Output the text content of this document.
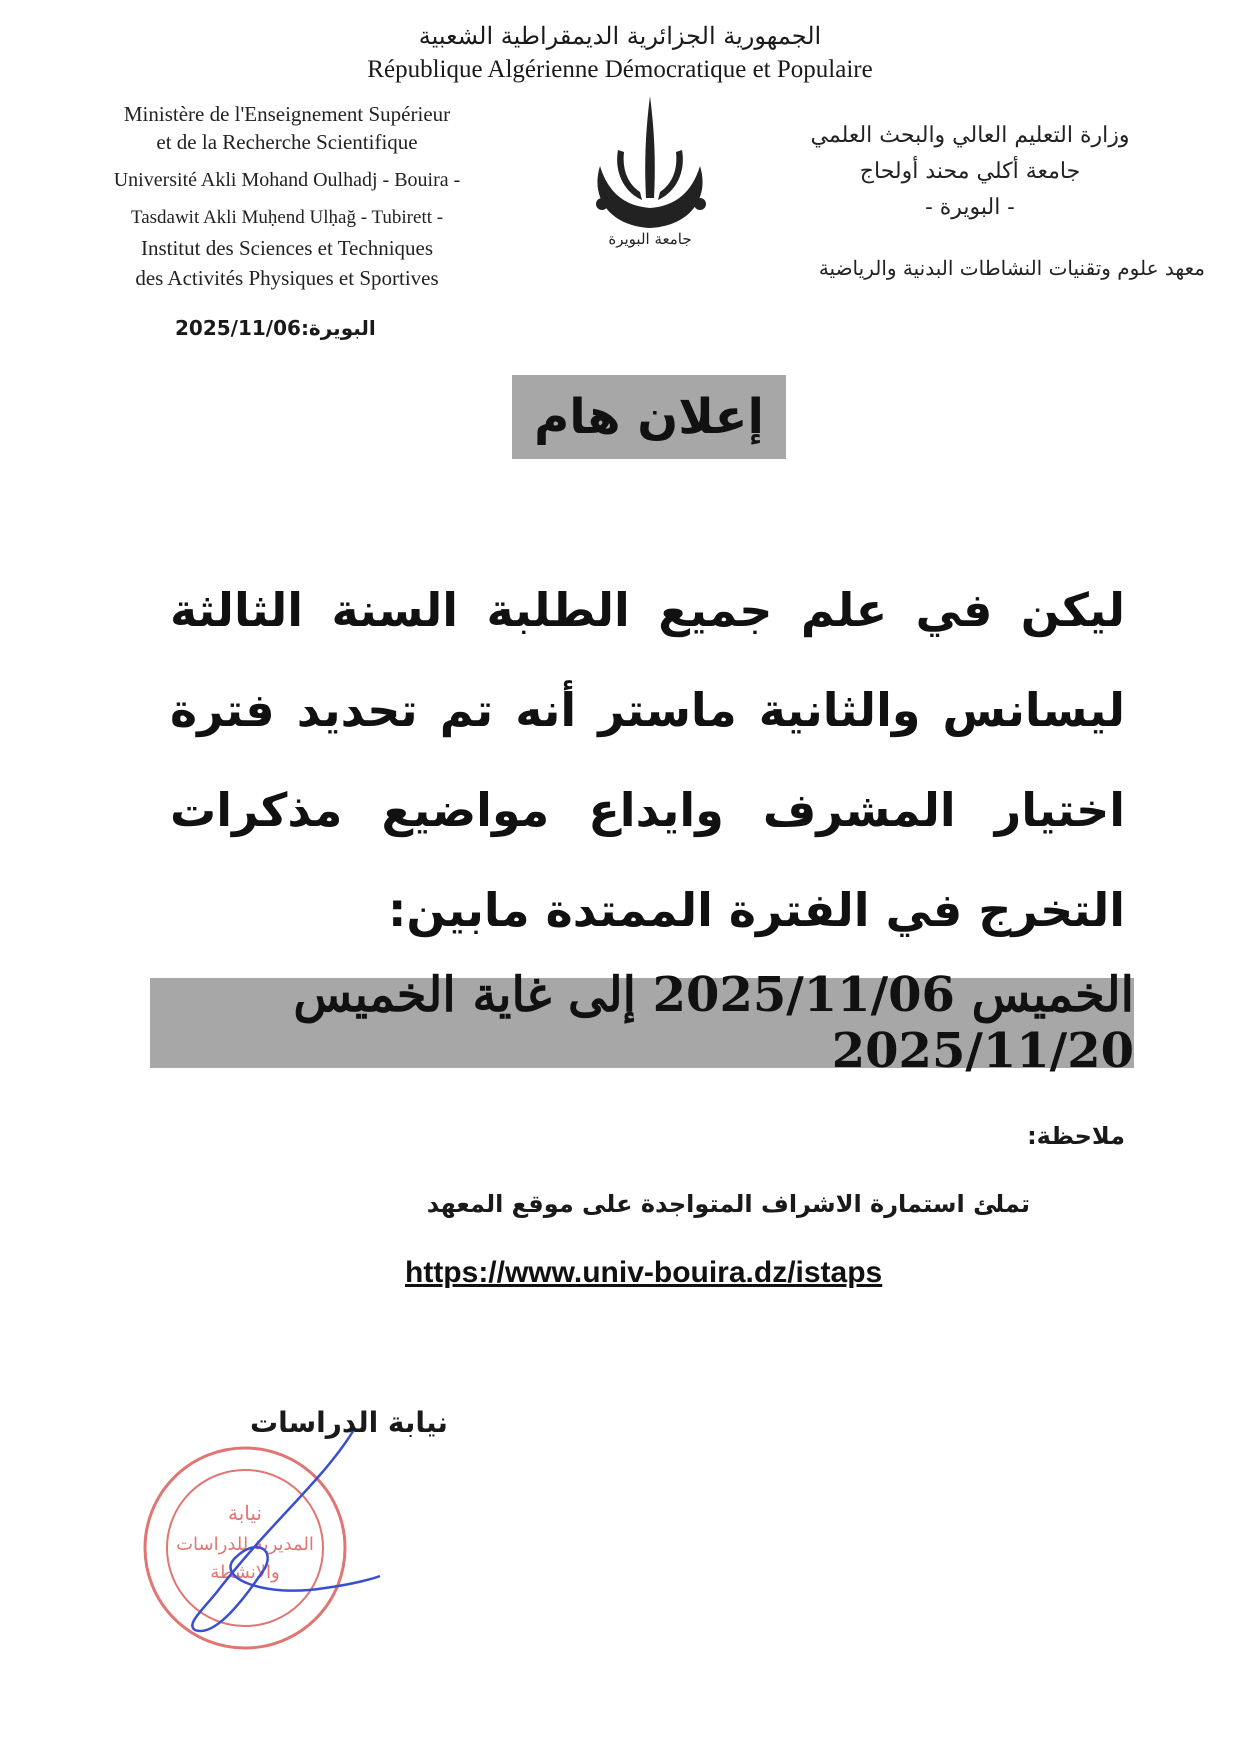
الجمهورية الجزائرية الديمقراطية الشعبية
République Algérienne Démocratique et Populaire
Ministère de l'Enseignement Supérieur
et de la Recherche Scientifique
Université Akli Mohand Oulhadj - Bouira -
Tasdawit Akli Muḥend Ulḥağ - Tubirett -
Institut des Sciences et Techniques
des Activités Physiques et Sportives
جامعة البويرة
وزارة التعليم العالي والبحث العلمي
جامعة أكلي محند أولحاج
- البويرة -
معهد علوم وتقنيات النشاطات البدنية والرياضية
البويرة:2025/11/06
إعلان هام
ليكن في علم جميع الطلبة السنة الثالثة ليسانس والثانية ماستر أنه تم تحديد فترة اختيار المشرف وايداع مواضيع مذكرات التخرج في الفترة الممتدة مابين:
الخميس 2025/11/06 إلى غاية الخميس 2025/11/20
ملاحظة:
تملئ استمارة الاشراف المتواجدة على موقع المعهد
https://www.univ-bouira.dz/istaps
نيابة
المديرية للدراسات
والانشطة
نيابة الدراسات
